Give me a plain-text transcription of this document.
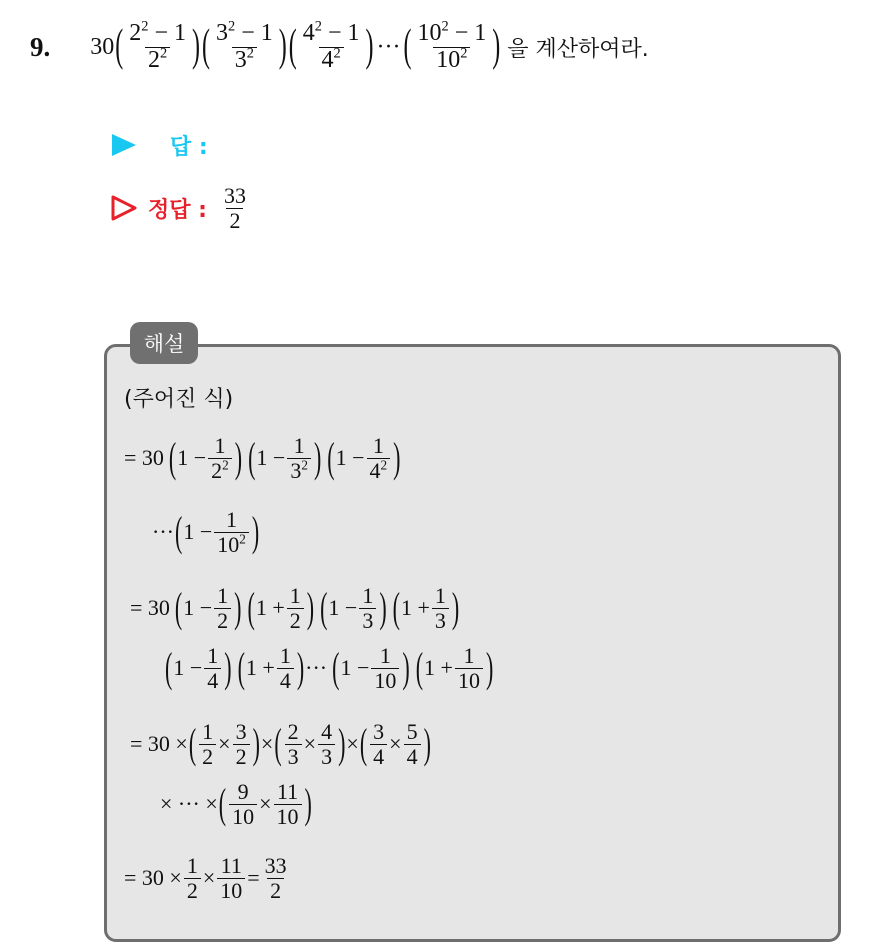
9. 30 ( $\frac{2^2 - 1}{2^2}$ ) ( $\frac{3^2 - 1}{3^2}$ ) ( $\frac{4^2 - 1}{4^2}$ ) ··· ( $\frac{10^2 - 1}{10^2}$ ) 을 계산하여라.
답 :
정답 : $\frac{33}{2}$
해설
(주어진 식)
= 30 ( $1 - \frac{1}{2^2}$ ) ( $1 - \frac{1}{3^2}$ ) ( $1 - \frac{1}{4^2}$ )
··· ( $1 - \frac{1}{10^2}$ )
= 30 ( $1 - \frac{1}{2}$ ) ( $1 + \frac{1}{2}$ ) ( $1 - \frac{1}{3}$ ) ( $1 + \frac{1}{3}$ )
( $1 - \frac{1}{4}$ ) ( $1 + \frac{1}{4}$ ) ··· ( $1 - \frac{1}{10}$ ) ( $1 + \frac{1}{10}$ )
= 30 × ( $\frac{1}{2} \times \frac{3}{2}$ ) × ( $\frac{2}{3} \times \frac{4}{3}$ ) × ( $\frac{3}{4} \times \frac{5}{4}$ )
× ··· × ( $\frac{9}{10} \times \frac{11}{10}$ )
= $30 \times \frac{1}{2} \times \frac{11}{10} = \frac{33}{2}$
